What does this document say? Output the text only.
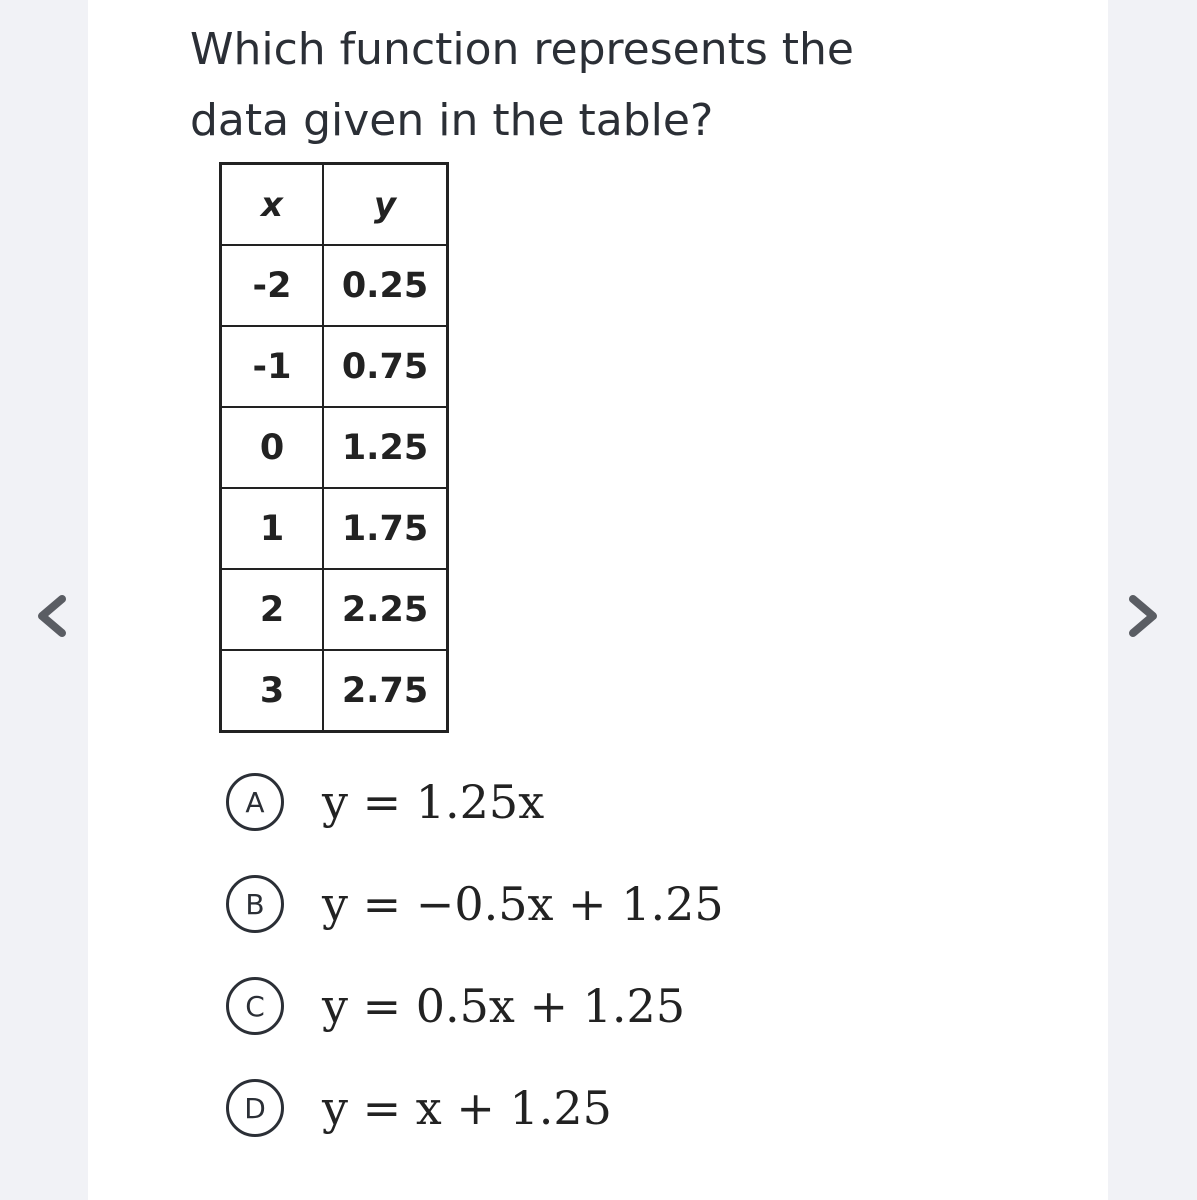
Which function represents the
data given in the table?
x	y
-2	0.25
-1	0.75
0	1.25
1	1.75
2	2.25
3	2.75
A	y = 1.25x
B	y = −0.5x + 1.25
C	y = 0.5x + 1.25
D	y = x + 1.25
